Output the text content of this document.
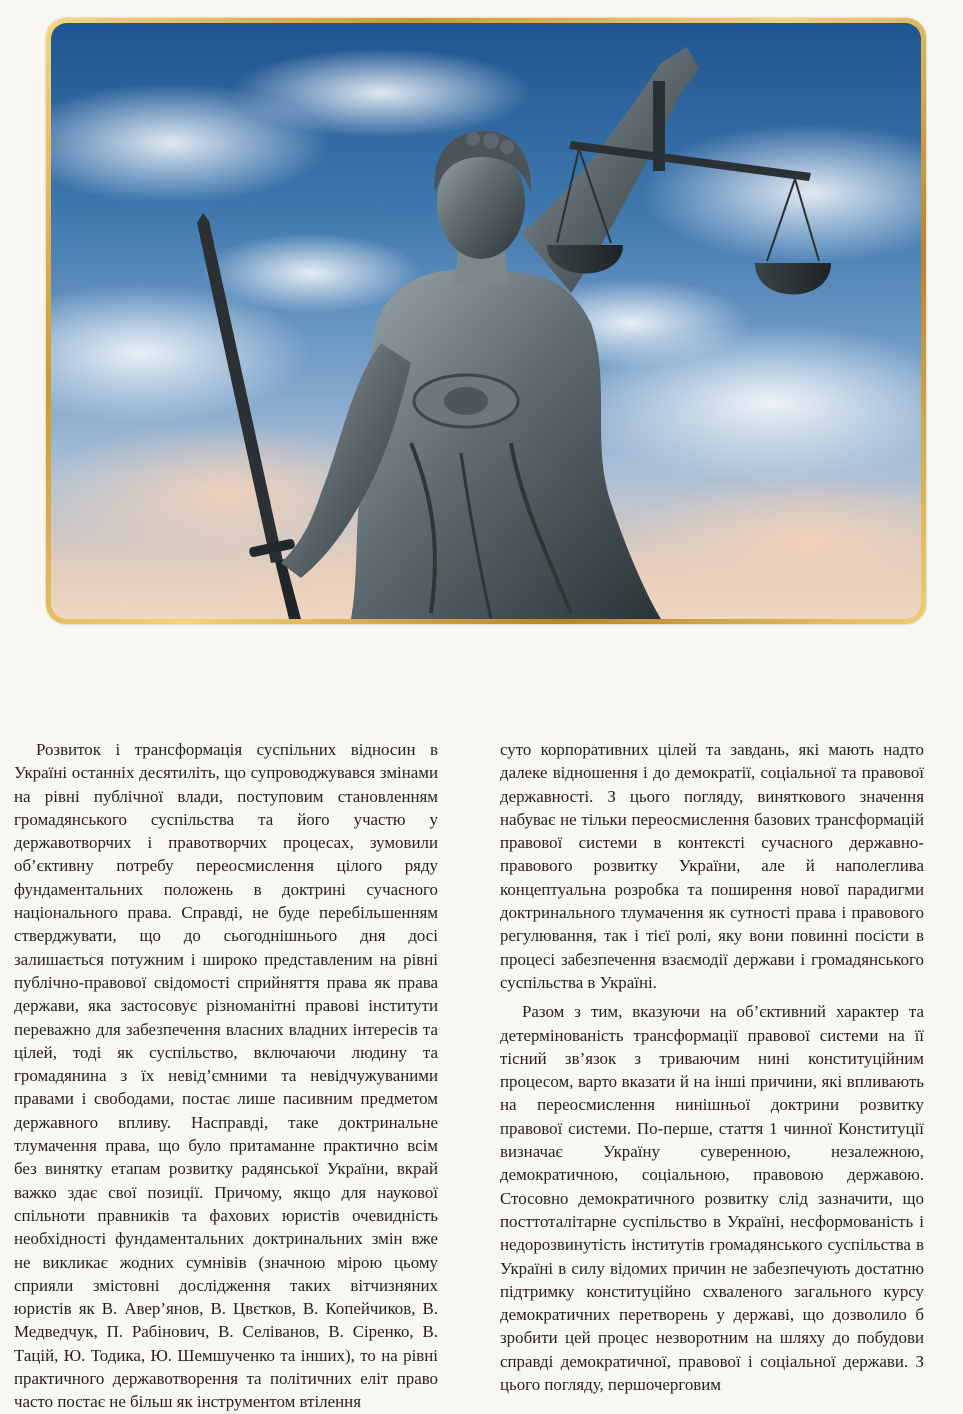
Розвиток і трансформація суспільних відносин в Україні останніх десятиліть, що супроводжувався змінами на рівні публічної влади, поступовим становленням громадянського суспільства та його участю у державотворчих і правотворчих процесах, зумовили об’єктивну потребу переосмислення цілого ряду фундаментальних положень в доктрині сучасного національного права. Справді, не буде перебільшенням стверджувати, що до сьогоднішнього дня досі залишається потужним і широко представленим на рівні публічно-правової свідомості сприйняття права як права держави, яка застосовує різноманітні правові інститути переважно для забезпечення власних владних інтересів та цілей, тоді як суспільство, включаючи людину та громадянина з їх невід’ємними та невідчужуваними правами і свободами, постає лише пасивним предметом державного впливу. Насправді, таке доктринальне тлумачення права, що було притаманне практично всім без винятку етапам розвитку радянської України, вкрай важко здає свої позиції. Причому, якщо для наукової спільноти правників та фахових юристів очевидність необхідності фундаментальних доктринальних змін вже не викликає жодних сумнівів (значною мірою цьому сприяли змістовні дослідження таких вітчизняних юристів як В. Авер’янов, В. Цвєтков, В. Копейчиков, В. Медведчук, П. Рабінович, В. Селіванов, В. Сіренко, В. Тацій, Ю. Тодика, Ю. Шемшученко та інших), то на рівні практичного державотворення та політичних еліт право часто постає не більш як інструментом втілення

суто корпоративних цілей та завдань, які мають надто далеке відношення і до демократії, соціальної та правової державності. З цього погляду, виняткового значення набуває не тільки переосмислення базових трансформацій правової системи в контексті сучасного державно-правового розвитку України, але й наполеглива концептуальна розробка та поширення нової парадигми доктринального тлумачення як сутності права і правового регулювання, так і тієї ролі, яку вони повинні посісти в процесі забезпечення взаємодії держави і громадянського суспільства в Україні.

Разом з тим, вказуючи на об’єктивний характер та детермінованість трансформації правової системи на її тісний зв’язок з триваючим нині конституційним процесом, варто вказати й на інші причини, які впливають на переосмислення нинішньої доктрини розвитку правової системи. По-перше, стаття 1 чинної Конституції визначає Україну суверенною, незалежною, демократичною, соціальною, правовою державою. Стосовно демократичного розвитку слід зазначити, що посттоталітарне суспільство в Україні, несформованість і недорозвинутість інститутів громадянського суспільства в Україні в силу відомих причин не забезпечують достатню підтримку конституційно схваленого загального курсу демократичних перетворень у державі, що дозволило б зробити цей процес незворотним на шляху до побудови справді демократичної, правової і соціальної держави. З цього погляду, першочерговим
